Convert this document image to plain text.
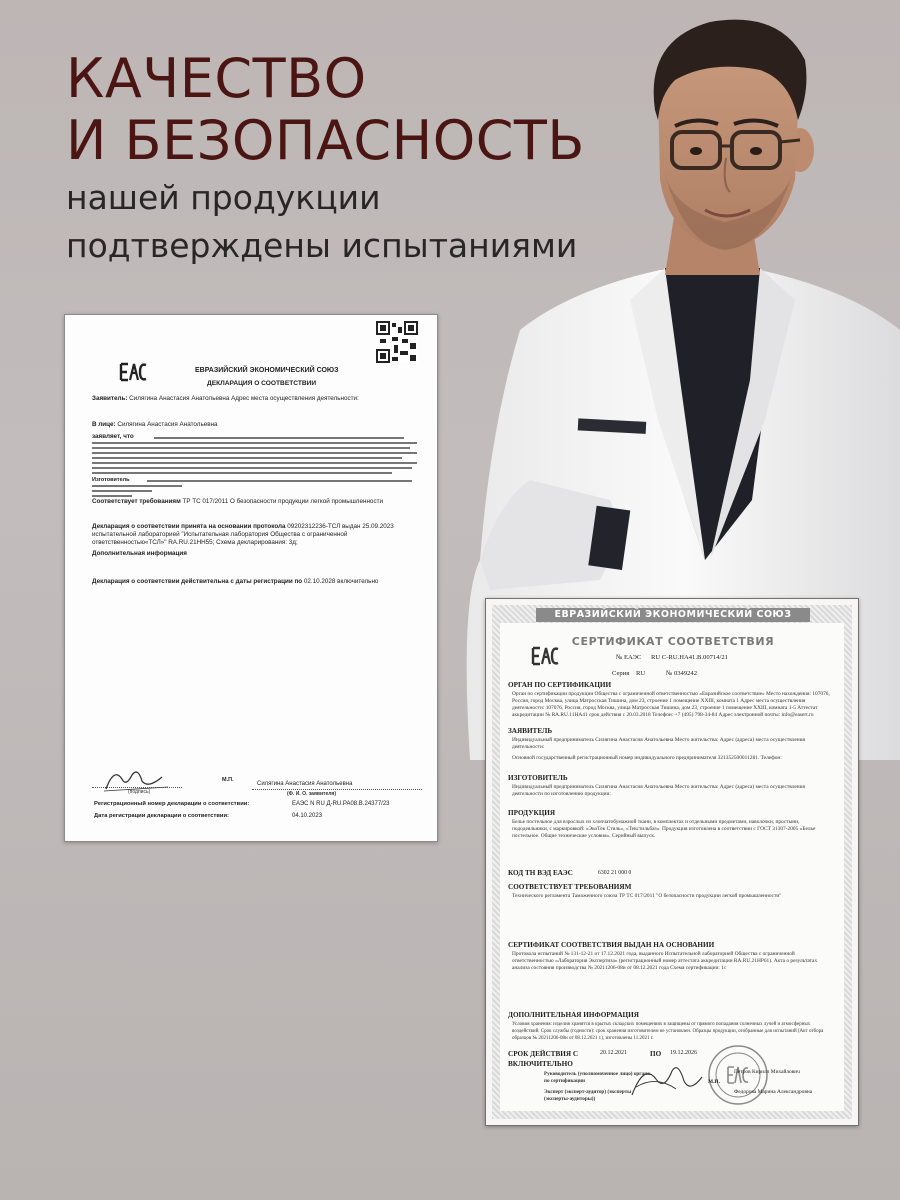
КАЧЕСТВО
И БЕЗОПАСНОСТЬ
нашей продукции
подтверждены испытаниями
ЕВРАЗИЙСКИЙ ЭКОНОМИЧЕСКИЙ СОЮЗ
ДЕКЛАРАЦИЯ О СООТВЕТСТВИИ
Заявитель: Силягина Анастасия Анатольевна Адрес места осуществления деятельности:
В лице: Силягина Анастасия Анатольевна
заявляет, что
Изготовитель
Соответствует требованиям ТР ТС 017/2011 О безопасности продукции легкой промышленности
Декларация о соответствии принята на основании протокола 09202312236-ТСЛ выдан 25.09.2023 испытательной лабораторией "Испытательная лаборатория Общества с ограниченной ответственностью«ТСЛ»" RA.RU.21НН55; Схема декларирования: 3д;
Дополнительная информация
Декларация о соответствии действительна с даты регистрации по 02.10.2028 включительно
(подпись)
М.П.
Силягина Анастасия Анатольевна
(Ф. И. О. заявителя)
Регистрационный номер декларации о соответствии:	ЕАЭС N RU Д-RU.PA08.B.24377/23
Дата регистрации декларации о соответствии:	04.10.2023
ЕВРАЗИЙСКИЙ ЭКОНОМИЧЕСКИЙ СОЮЗ
СЕРТИФИКАТ СООТВЕТСТВИЯ
№ ЕАЭС RU С-RU.НА41.В.00714/21
Серия RU	№ 0349242
ОРГАН ПО СЕРТИФИКАЦИИ
Орган по сертификации продукции Общества с ограниченной ответственностью «Евразийское соответствие» Место нахождения: 107076, Россия, город Москва, улица Матросская Тишина, дом 23, строение 1 помещение XXIII, комната 1 Адрес места осуществления деятельности: 107076, Россия, город Москва, улица Матросская Тишина, дом 23, строение 1 помещение XXIII, комната 1-5 Аттестат аккредитации № RA.RU.11НА41 срок действия с 20.03.2018 Телефон: +7 (495) 798-34-84 Адрес электронной почты: info@easert.ru
ЗАЯВИТЕЛЬ
Индивидуальный предприниматель Силягина Анастасия Анатольевна Место жительства: Адрес (адреса) места осуществления деятельности:
Основной государственный регистрационный номер индивидуального предпринимателя 321352500011281. Телефон:
ИЗГОТОВИТЕЛЬ
Индивидуальный предприниматель Силягина Анастасия Анатольевна Место жительства: Адрес (адреса) места осуществления деятельности по изготовлению продукции:
ПРОДУКЦИЯ
Белье постельное для взрослых из хлопчатобумажной ткани, в комплектах и отдельными предметами, наволочки, простыни, пододеяльники, с маркировкой: «ЭкоТек Стиль», «Текстильбаз». Продукция изготовлена в соответствии с ГОСТ 31307-2005 «Белье постельное. Общие технические условия». Серийный выпуск.
КОД ТН ВЭД ЕАЭС	6302 21 000 0
СООТВЕТСТВУЕТ ТРЕБОВАНИЯМ
Технического регламента Таможенного союза ТР ТС 017/2011 "О безопасности продукции легкой промышленности"
СЕРТИФИКАТ СООТВЕТСТВИЯ ВЫДАН НА ОСНОВАНИИ
Протокола испытаний № 131-12-21 от 17.12.2021 года, выданного Испытательной лабораторией Общества с ограниченной ответственностью «Лаборатория Экспертиза» (регистрационный номер аттестата аккредитации RA.RU.21НР61). Акта о результатах анализа состояния производства № 20211206-08и от 08.12.2021 года Схема сертификации: 1с
ДОПОЛНИТЕЛЬНАЯ ИНФОРМАЦИЯ
Условия хранения: изделия хранятся в крытых складских помещениях в защищены от прямого попадания солнечных лучей и атмосферных воздействий. Срок службы (годности): срок хранения изготовителем не установлен. Образцы продукции, отобранные для испытаний (Акт отбора образцов № 20211206-08и от 08.12.2021 г.), изготовлены 11.2021 г.
СРОК ДЕЙСТВИЯ С	20.12.2021	ПО 19.12.2026
ВКЛЮЧИТЕЛЬНО
Руководитель (уполномоченное лицо) органа по сертификации
Петров Кирилл Михайлович
М.П.
Эксперт (эксперт-аудитор) (эксперты (эксперты-аудиторы))
Федорова Марина Александровна
